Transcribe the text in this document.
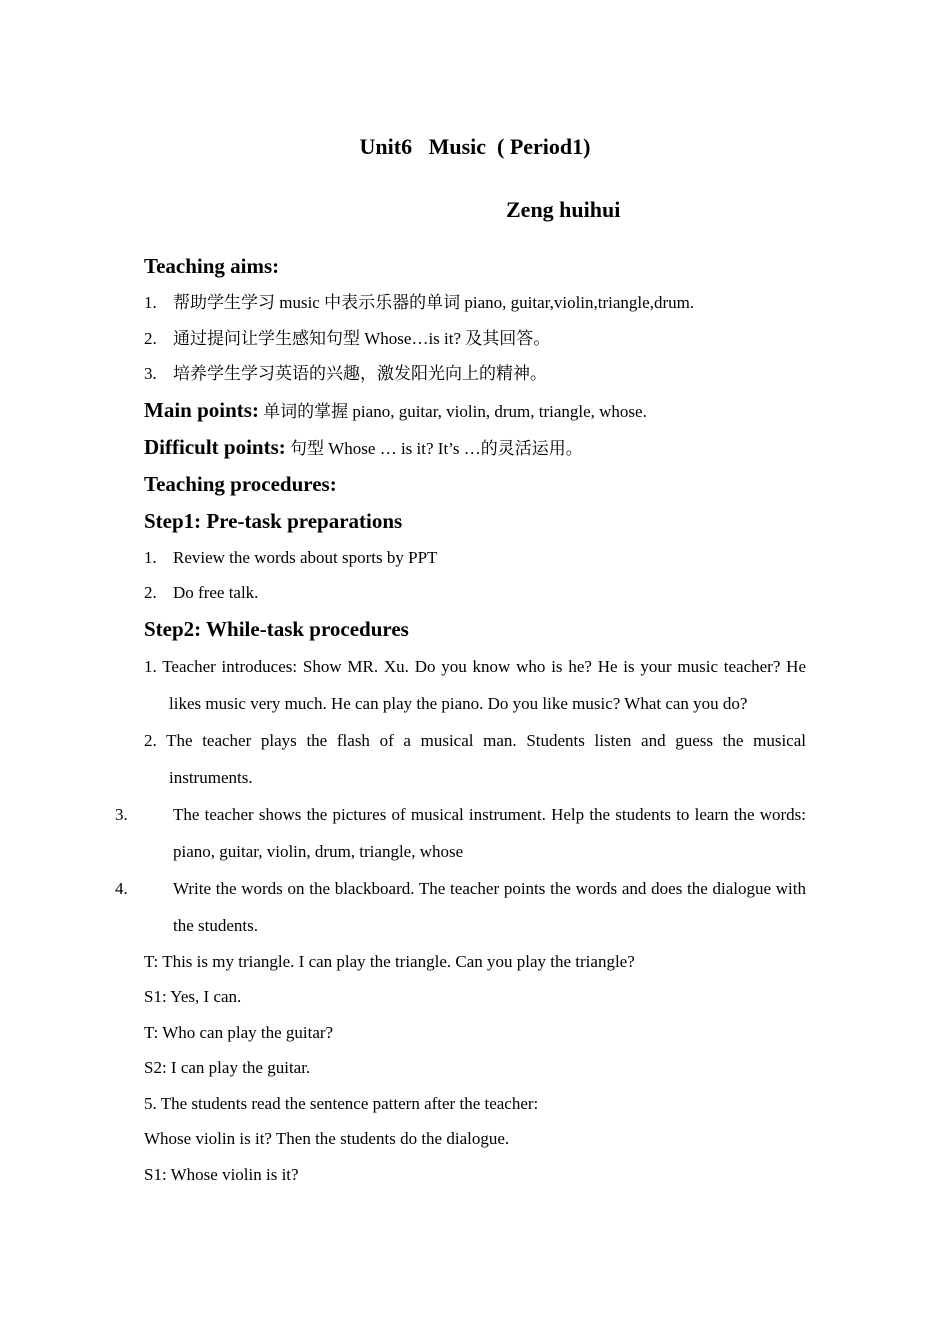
Unit6   Music  ( Period1)
Zeng huihui
Teaching aims:
1. 帮助学生学习 music 中表示乐器的单词 piano, guitar,violin,triangle,drum.
2. 通过提问让学生感知句型 Whose…is it? 及其回答。
3. 培养学生学习英语的兴趣，激发阳光向上的精神。
Main points: 单词的掌握 piano, guitar, violin, drum, triangle, whose.
Difficult points: 句型 Whose … is it? It’s …的灵活运用。
Teaching procedures:
Step1: Pre-task preparations
1. Review the words about sports by PPT
2. Do free talk.
Step2: While-task procedures
1. Teacher introduces: Show MR. Xu. Do you know who is he? He is your music teacher? He likes music very much. He can play the piano. Do you like music? What can you do?
2. The teacher plays the flash of a musical man. Students listen and guess the musical instruments.
3.	The teacher shows the pictures of musical instrument. Help the students to learn the words: piano, guitar, violin, drum, triangle, whose
4.	Write the words on the blackboard. The teacher points the words and does the dialogue with the students.
T: This is my triangle. I can play the triangle. Can you play the triangle?
S1: Yes, I can.
T: Who can play the guitar?
S2: I can play the guitar.
5. The students read the sentence pattern after the teacher:
Whose violin is it? Then the students do the dialogue.
S1: Whose violin is it?
